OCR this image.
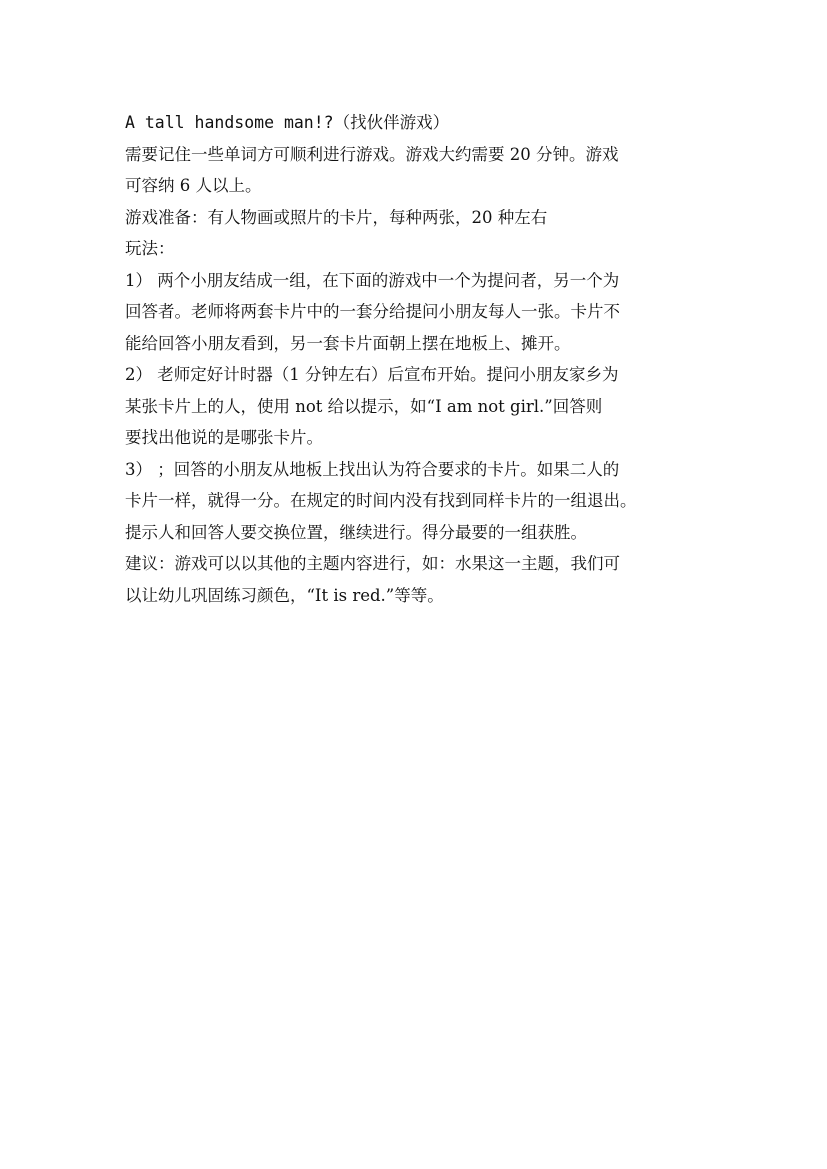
A tall handsome man!?（找伙伴游戏）
需要记住一些单词方可顺利进行游戏。游戏大约需要 20 分钟。游戏
可容纳 6 人以上。
游戏准备：有人物画或照片的卡片，每种两张，20 种左右
玩法：
1） 两个小朋友结成一组，在下面的游戏中一个为提问者，另一个为
回答者。老师将两套卡片中的一套分给提问小朋友每人一张。卡片不
能给回答小朋友看到，另一套卡片面朝上摆在地板上、摊开。
2） 老师定好计时器（1 分钟左右）后宣布开始。提问小朋友家乡为
某张卡片上的人，使用 not 给以提示，如“I am not girl.”回答则
要找出他说的是哪张卡片。
3） ；回答的小朋友从地板上找出认为符合要求的卡片。如果二人的
卡片一样，就得一分。在规定的时间内没有找到同样卡片的一组退出。
提示人和回答人要交换位置，继续进行。得分最要的一组获胜。
建议：游戏可以以其他的主题内容进行，如：水果这一主题，我们可
以让幼儿巩固练习颜色，“It is red.”等等。
